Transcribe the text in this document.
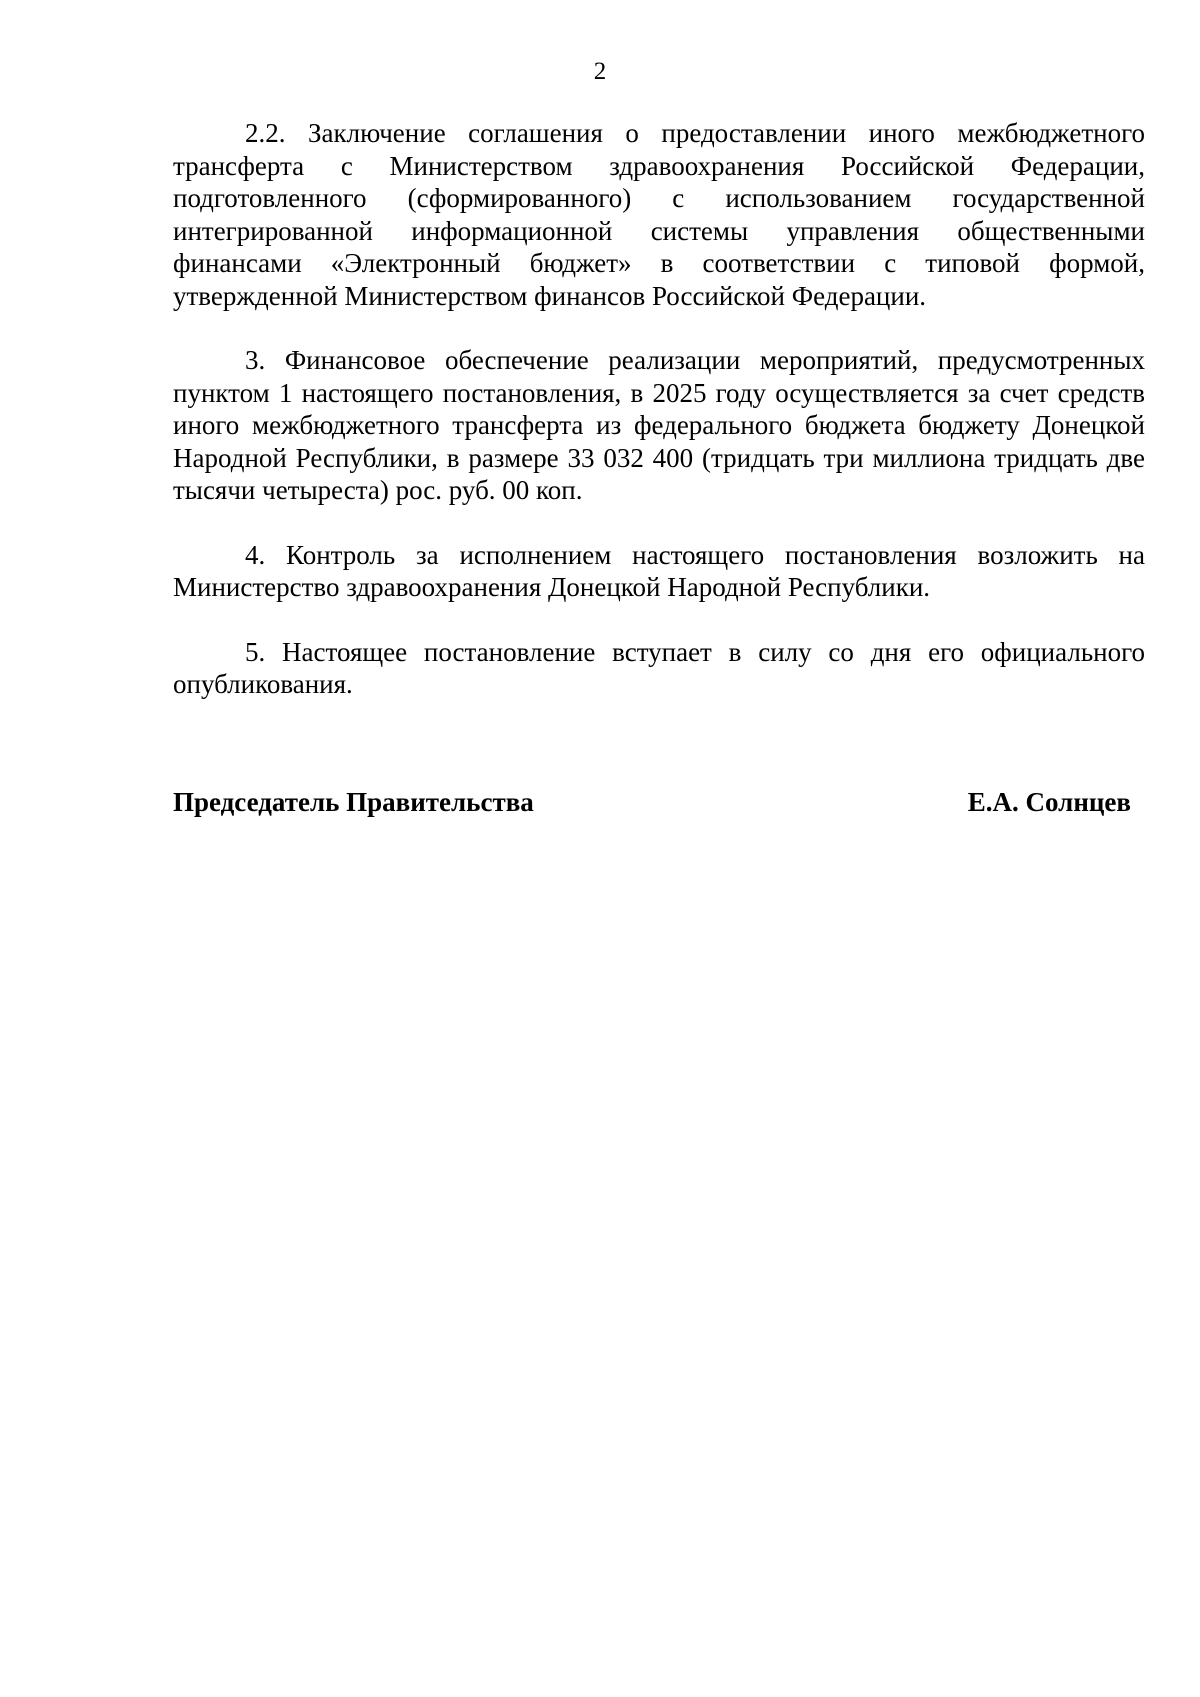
2

2.2. Заключение соглашения о предоставлении иного межбюджетного трансферта с Министерством здравоохранения Российской Федерации, подготовленного (сформированного) с использованием государственной интегрированной информационной системы управления общественными финансами «Электронный бюджет» в соответствии с типовой формой, утвержденной Министерством финансов Российской Федерации.

3. Финансовое обеспечение реализации мероприятий, предусмотренных пунктом 1 настоящего постановления, в 2025 году осуществляется за счет средств иного межбюджетного трансферта из федерального бюджета бюджету Донецкой Народной Республики, в размере 33 032 400 (тридцать три миллиона тридцать две тысячи четыреста) рос. руб. 00 коп.

4. Контроль за исполнением настоящего постановления возложить на Министерство здравоохранения Донецкой Народной Республики.

5. Настоящее постановление вступает в силу со дня его официального опубликования.

Председатель Правительства	Е.А. Солнцев
